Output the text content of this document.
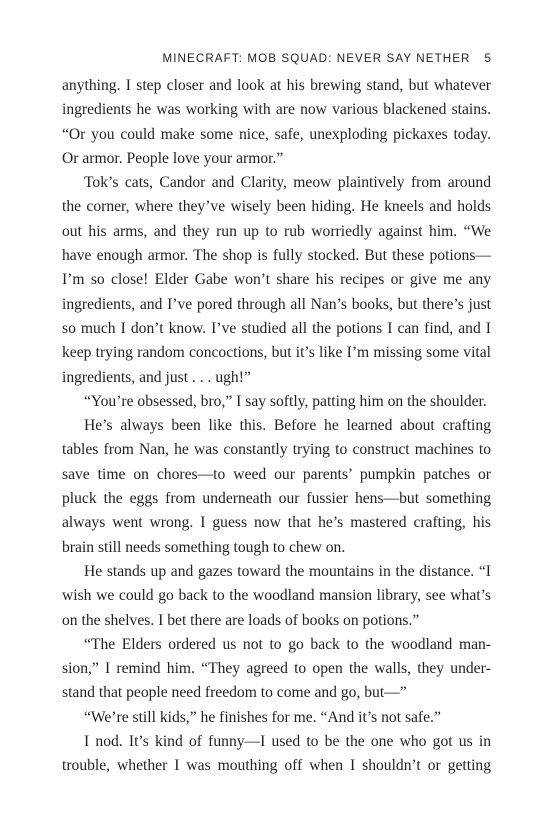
MINECRAFT: MOB SQUAD: NEVER SAY NETHER 5

anything. I step closer and look at his brewing stand, but whatever ingredients he was working with are now various blackened stains. “Or you could make some nice, safe, unexploding pickaxes today. Or armor. People love your armor.”

Tok’s cats, Candor and Clarity, meow plaintively from around the corner, where they’ve wisely been hiding. He kneels and holds out his arms, and they run up to rub worriedly against him. “We have enough armor. The shop is fully stocked. But these potions—I’m so close! Elder Gabe won’t share his recipes or give me any ingredients, and I’ve pored through all Nan’s books, but there’s just so much I don’t know. I’ve studied all the potions I can find, and I keep trying random concoctions, but it’s like I’m missing some vital ingredients, and just . . . ugh!”

“You’re obsessed, bro,” I say softly, patting him on the shoulder.

He’s always been like this. Before he learned about crafting tables from Nan, he was constantly trying to construct machines to save time on chores—to weed our parents’ pumpkin patches or pluck the eggs from underneath our fussier hens—but something always went wrong. I guess now that he’s mastered crafting, his brain still needs something tough to chew on.

He stands up and gazes toward the mountains in the distance. “I wish we could go back to the woodland mansion library, see what’s on the shelves. I bet there are loads of books on potions.”

“The Elders ordered us not to go back to the woodland mansion,” I remind him. “They agreed to open the walls, they understand that people need freedom to come and go, but—”

“We’re still kids,” he finishes for me. “And it’s not safe.”

I nod. It’s kind of funny—I used to be the one who got us in trouble, whether I was mouthing off when I shouldn’t or getting
